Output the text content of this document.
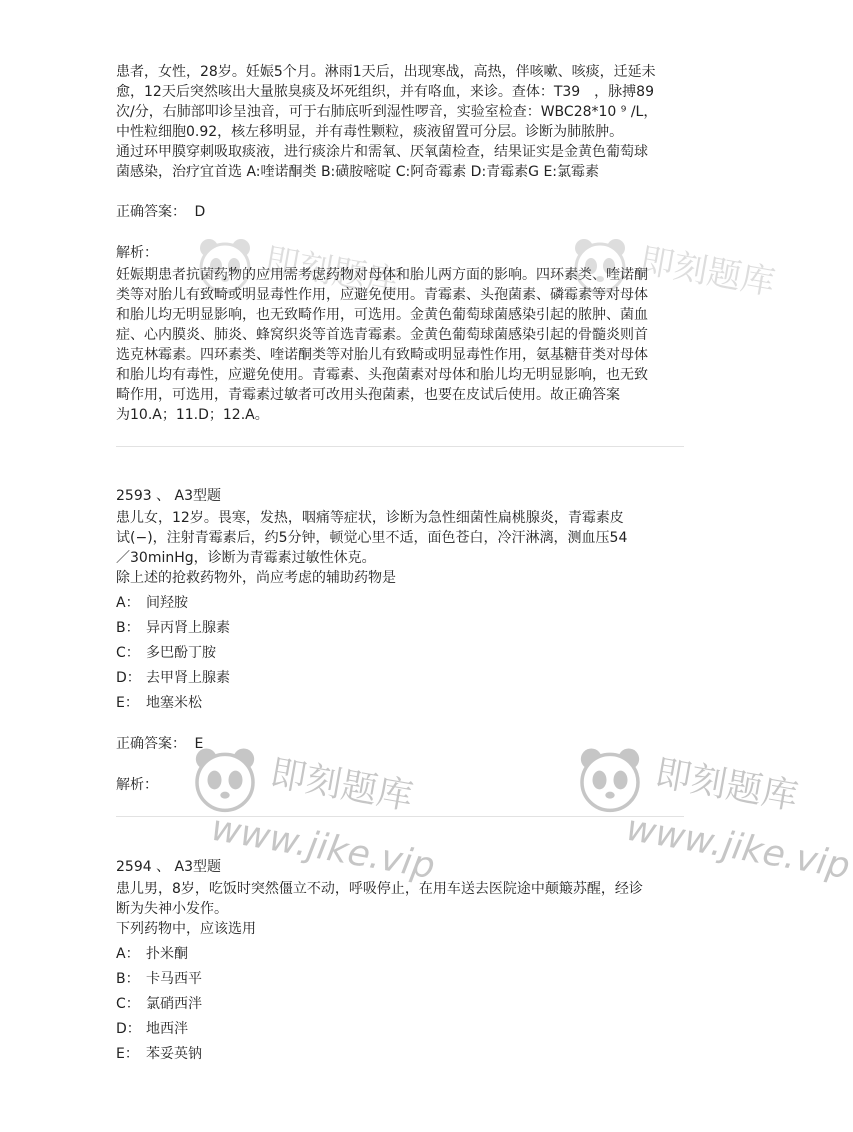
患者，女性，28岁。妊娠5个月。淋雨1天后，出现寒战，高热，伴咳嗽、咳痰，迁延未

愈，12天后突然咳出大量脓臭痰及坏死组织，并有咯血，来诊。查体：T39　，脉搏89

次/分，右肺部叩诊呈浊音，可于右肺底听到湿性啰音，实验室检查：WBC28*10 ⁹ /L，

中性粒细胞0.92，核左移明显，并有毒性颗粒，痰液留置可分层。诊断为肺脓肿。

通过环甲膜穿刺吸取痰液，进行痰涂片和需氧、厌氧菌检查，结果证实是金黄色葡萄球

菌感染，治疗宜首选 A:喹诺酮类 B:磺胺嘧啶 C:阿奇霉素 D:青霉素G E:氯霉素

正确答案： D
解析：

妊娠期患者抗菌药物的应用需考虑药物对母体和胎儿两方面的影响。四环素类、喹诺酮

类等对胎儿有致畸或明显毒性作用，应避免使用。青霉素、头孢菌素、磷霉素等对母体

和胎儿均无明显影响，也无致畸作用，可选用。金黄色葡萄球菌感染引起的脓肿、菌血

症、心内膜炎、肺炎、蜂窝织炎等首选青霉素。金黄色葡萄球菌感染引起的骨髓炎则首

选克林霉素。四环素类、喹诺酮类等对胎儿有致畸或明显毒性作用，氨基糖苷类对母体

和胎儿均有毒性，应避免使用。青霉素、头孢菌素对母体和胎儿均无明显影响，也无致

畸作用，可选用，青霉素过敏者可改用头孢菌素，也要在皮试后使用。故正确答案

为10.A；11.D；12.A。

2593 、 A3型题

患儿女，12岁。畏寒，发热，咽痛等症状，诊断为急性细菌性扁桃腺炎，青霉素皮

试(−)，注射青霉素后，约5分钟，顿觉心里不适，面色苍白，冷汗淋漓，测血压54

／30minHg，诊断为青霉素过敏性休克。

除上述的抢救药物外，尚应考虑的辅助药物是

A： 间羟胺
B： 异丙肾上腺素
C： 多巴酚丁胺
D： 去甲肾上腺素
E： 地塞米松
正确答案： E
解析：
2594 、 A3型题

患儿男，8岁，吃饭时突然僵立不动，呼吸停止，在用车送去医院途中颠簸苏醒，经诊

断为失神小发作。

下列药物中，应该选用

A： 扑米酮
B： 卡马西平
C： 氯硝西泮
D： 地西泮
E： 苯妥英钠
即刻题库	即刻题库
即刻题库
www.jike.vip
即刻题库
www.jike.vip
